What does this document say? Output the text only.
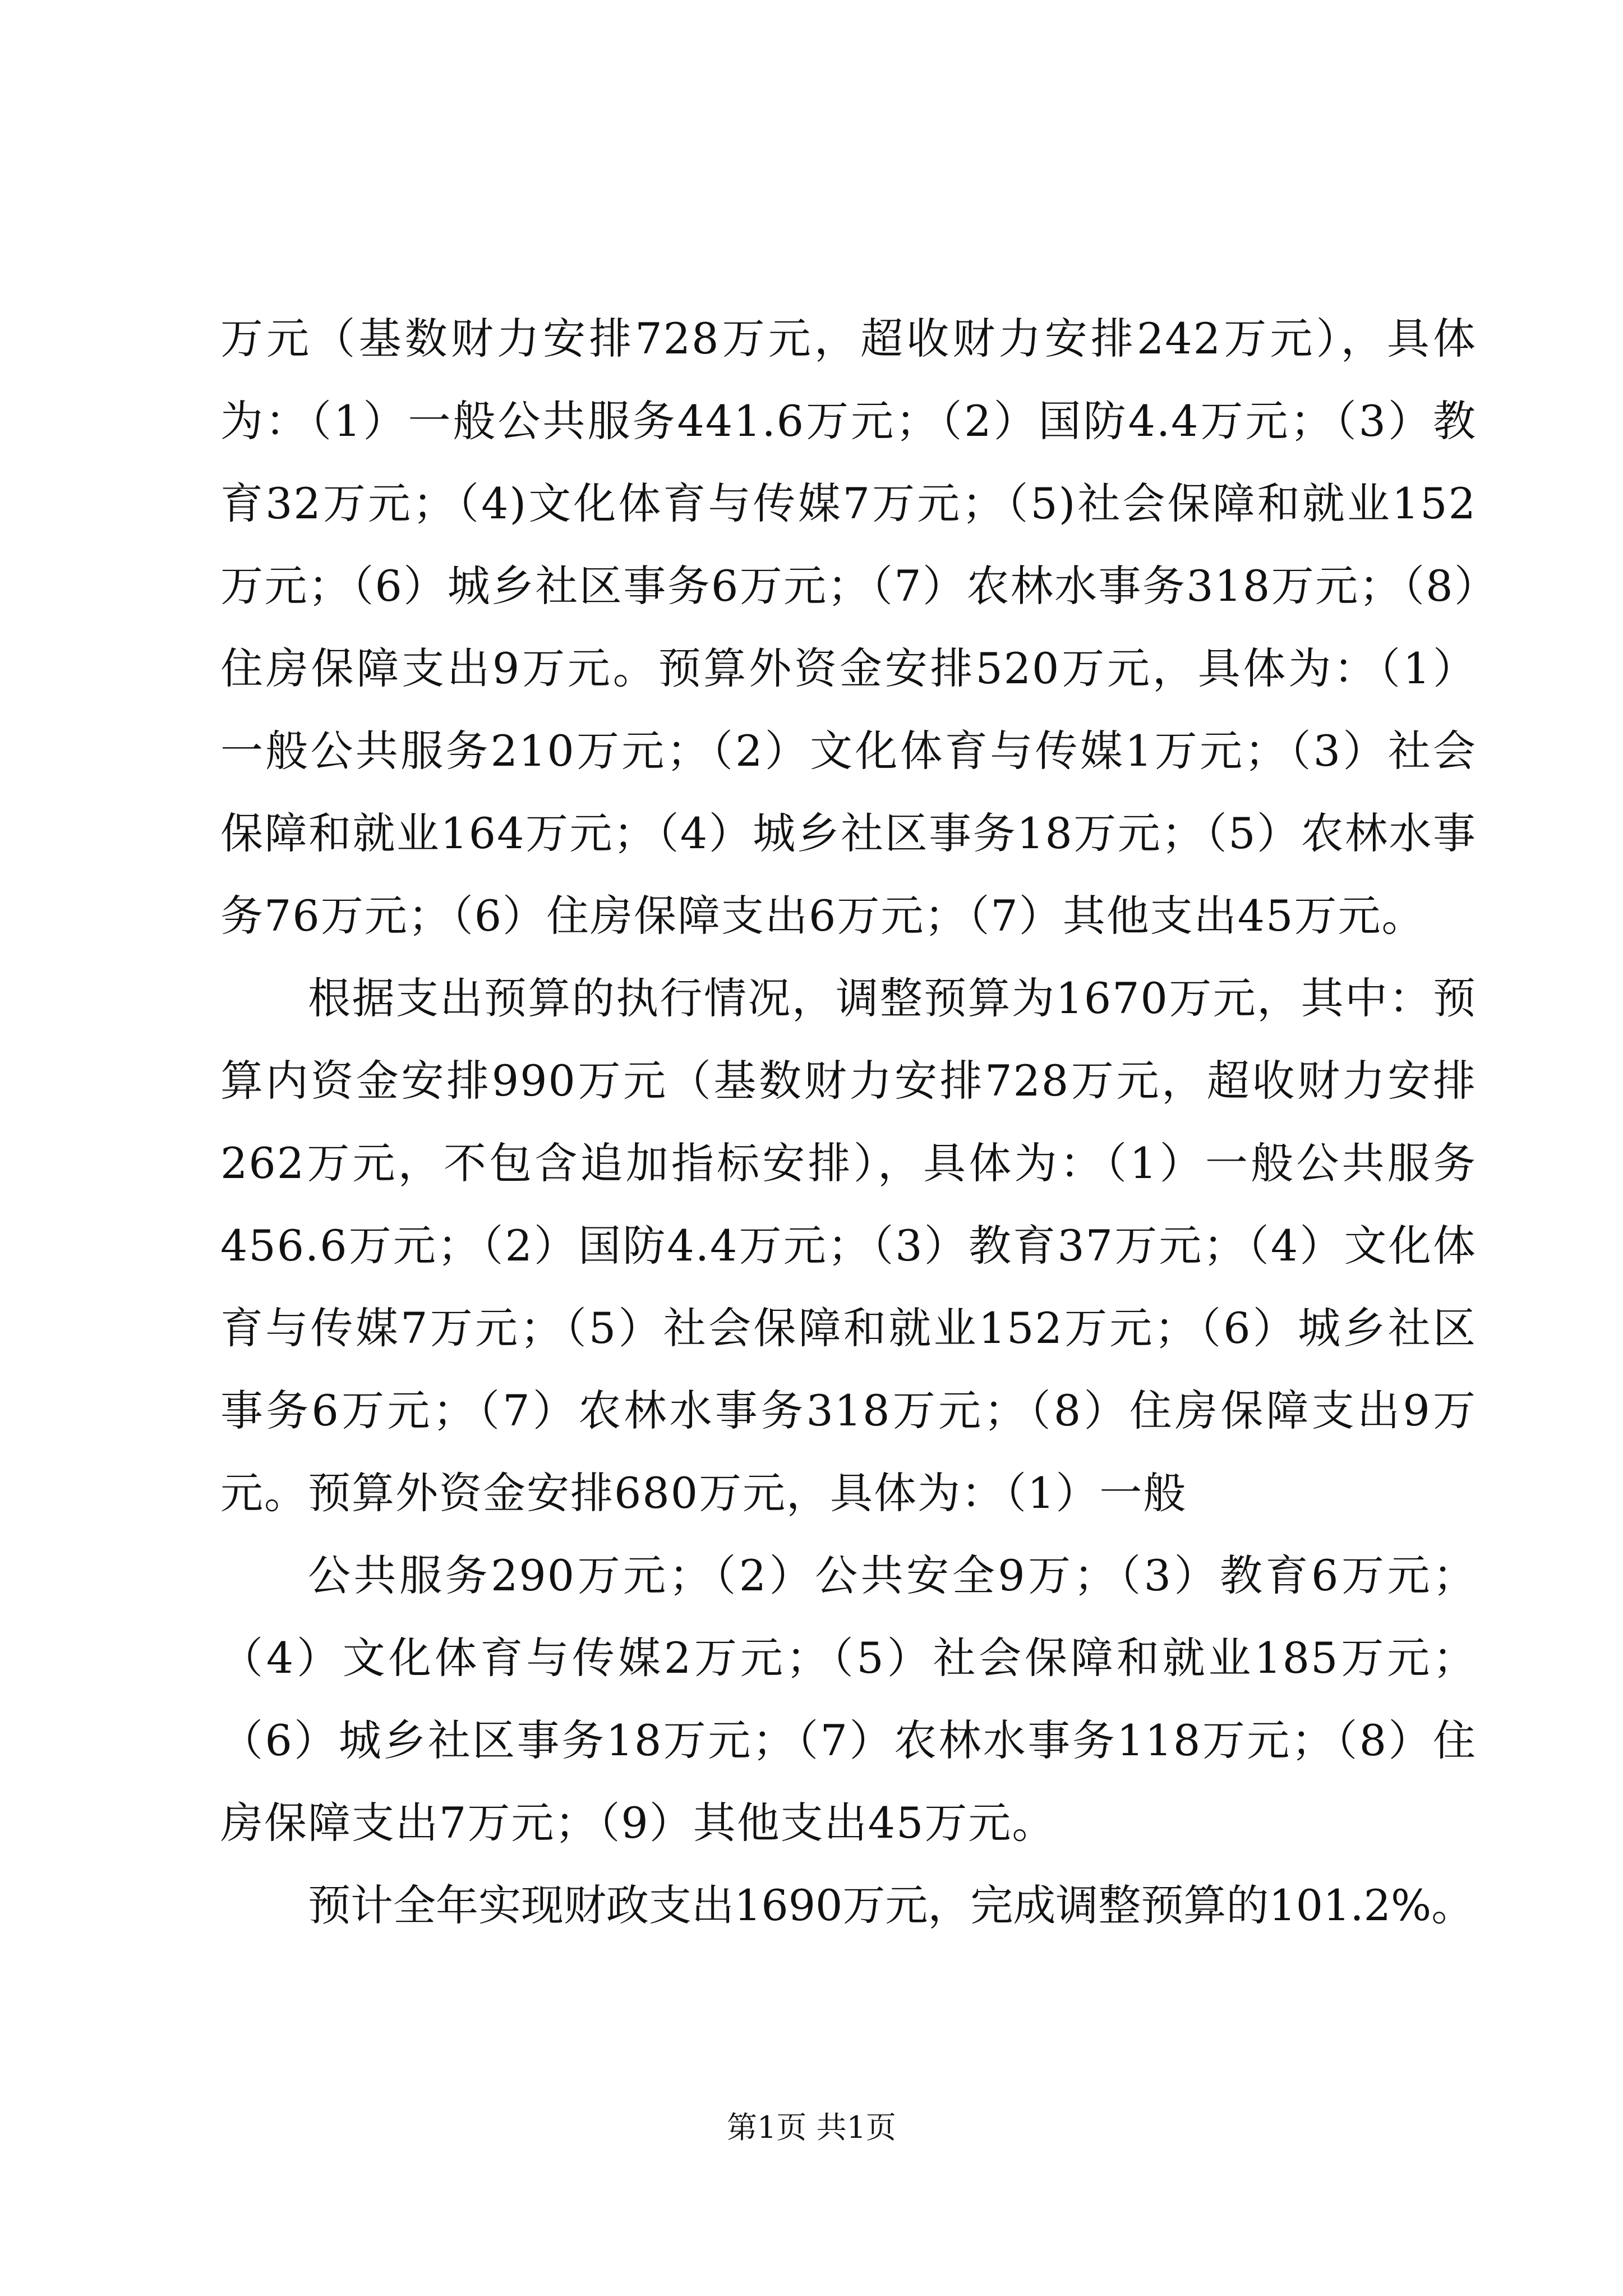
万元（基数财力安排728万元，超收财力安排242万元），具体为：（1）一般公共服务441.6万元；（2）国防4.4万元；（3）教育32万元；（4)文化体育与传媒7万元；（5)社会保障和就业152万元；（6）城乡社区事务6万元；（7）农林水事务318万元；（8）住房保障支出9万元。预算外资金安排520万元，具体为：（1）一般公共服务210万元；（2）文化体育与传媒1万元；（3）社会保障和就业164万元；（4）城乡社区事务18万元；（5）农林水事务76万元；（6）住房保障支出6万元；（7）其他支出45万元。

根据支出预算的执行情况，调整预算为1670万元，其中：预算内资金安排990万元（基数财力安排728万元，超收财力安排262万元，不包含追加指标安排），具体为：（1）一般公共服务456.6万元；（2）国防4.4万元；（3）教育37万元；（4）文化体育与传媒7万元；（5）社会保障和就业152万元；（6）城乡社区事务6万元；（7）农林水事务318万元；（8）住房保障支出9万元。预算外资金安排680万元，具体为：（1）一般

公共服务290万元；（2）公共安全9万；（3）教育6万元；（4）文化体育与传媒2万元；（5）社会保障和就业185万元；（6）城乡社区事务18万元；（7）农林水事务118万元；（8）住房保障支出7万元；（9）其他支出45万元。

预计全年实现财政支出1690万元，完成调整预算的101.2%。

第1页 共1页
